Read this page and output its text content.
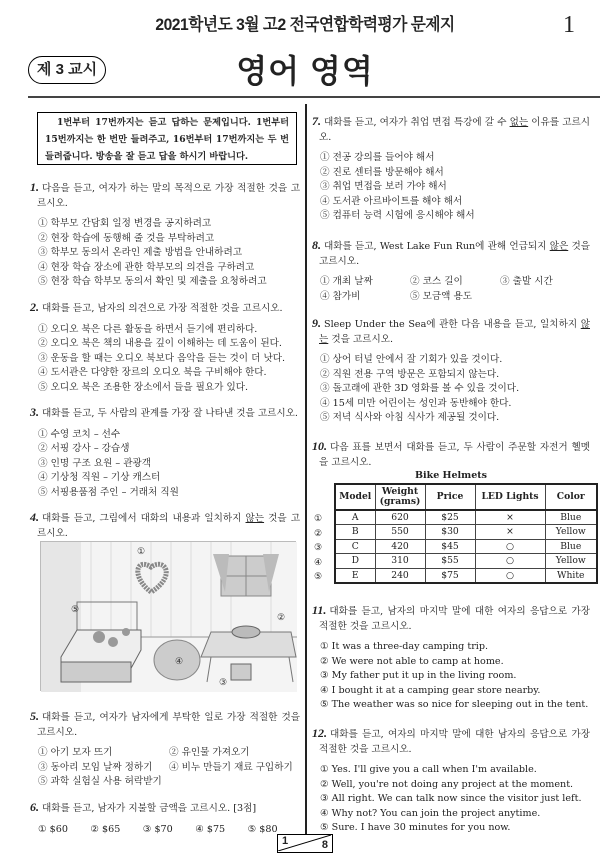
2021학년도 3월 고2 전국연합학력평가 문제지	1
제 3 교시	영어 영역
1번부터 17번까지는 듣고 답하는 문제입니다. 1번부터 15번까지는 한 번만 들려주고, 16번부터 17번까지는 두 번 들려줍니다. 방송을 잘 듣고 답을 하시기 바랍니다.
1. 다음을 듣고, 여자가 하는 말의 목적으로 가장 적절한 것을 고르시오.
① 학부모 간담회 일정 변경을 공지하려고
② 현장 학습에 동행해 줄 것을 부탁하려고
③ 학부모 동의서 온라인 제출 방법을 안내하려고
④ 현장 학습 장소에 관한 학부모의 의견을 구하려고
⑤ 현장 학습 학부모 동의서 확인 및 제출을 요청하려고
2. 대화를 듣고, 남자의 의견으로 가장 적절한 것을 고르시오.
① 오디오 북은 다른 활동을 하면서 듣기에 편리하다.
② 오디오 북은 책의 내용을 깊이 이해하는 데 도움이 된다.
③ 운동을 할 때는 오디오 북보다 음악을 듣는 것이 더 낫다.
④ 도서관은 다양한 장르의 오디오 북을 구비해야 한다.
⑤ 오디오 북은 조용한 장소에서 들을 필요가 있다.
3. 대화를 듣고, 두 사람의 관계를 가장 잘 나타낸 것을 고르시오.
① 수영 코치 – 선수
② 서핑 강사 – 강습생
③ 인명 구조 요원 – 관광객
④ 기상청 직원 – 기상 캐스터
⑤ 서핑용품점 주인 – 거래처 직원
4. 대화를 듣고, 그림에서 대화의 내용과 일치하지 않는 것을 고르시오.
5. 대화를 듣고, 여자가 남자에게 부탁한 일로 가장 적절한 것을 고르시오.
① 아기 모자 뜨기	② 유인물 가져오기
③ 동아리 모임 날짜 정하기	④ 비누 만들기 재료 구입하기
⑤ 과학 실험실 사용 허락받기
6. 대화를 듣고, 남자가 지불할 금액을 고르시오. [3점]
① $60	② $65	③ $70	④ $75	⑤ $80
7. 대화를 듣고, 여자가 취업 면접 특강에 갈 수 없는 이유를 고르시오.
① 전공 강의를 들어야 해서
② 진로 센터를 방문해야 해서
③ 취업 면접을 보러 가야 해서
④ 도서관 아르바이트를 해야 해서
⑤ 컴퓨터 능력 시험에 응시해야 해서
8. 대화를 듣고, West Lake Fun Run에 관해 언급되지 않은 것을 고르시오.
① 개최 날짜	② 코스 길이	③ 출발 시간
④ 참가비	⑤ 모금액 용도
9. Sleep Under the Sea에 관한 다음 내용을 듣고, 일치하지 않는 것을 고르시오.
① 상어 터널 안에서 잘 기회가 있을 것이다.
② 직원 전용 구역 방문은 포함되지 않는다.
③ 돌고래에 관한 3D 영화를 볼 수 있을 것이다.
④ 15세 미만 어린이는 성인과 동반해야 한다.
⑤ 저녁 식사와 아침 식사가 제공될 것이다.
10. 다음 표를 보면서 대화를 듣고, 두 사람이 주문할 자전거 헬멧을 고르시오.
11. 대화를 듣고, 남자의 마지막 말에 대한 여자의 응답으로 가장 적절한 것을 고르시오.
① It was a three-day camping trip.
② We were not able to camp at home.
③ My father put it up in the living room.
④ I bought it at a camping gear store nearby.
⑤ The weather was so nice for sleeping out in the tent.
12. 대화를 듣고, 여자의 마지막 말에 대한 남자의 응답으로 가장 적절한 것을 고르시오.
① Yes. I'll give you a call when I'm available.
② Well, you're not doing any project at the moment.
③ All right. We can talk now since the visitor just left.
④ Why not? You can join the project anytime.
⑤ Sure. I have 30 minutes for you now.
①
②
③
④
⑤
Bike Helmets
①
②
③
④
⑤
Model	Weight (grams)	Price	LED Lights	Color
A	620	$25	×	Blue
B	550	$30	×	Yellow
C	420	$45	○	Blue
D	310	$55	○	Yellow
E	240	$75	○	White
1	8
